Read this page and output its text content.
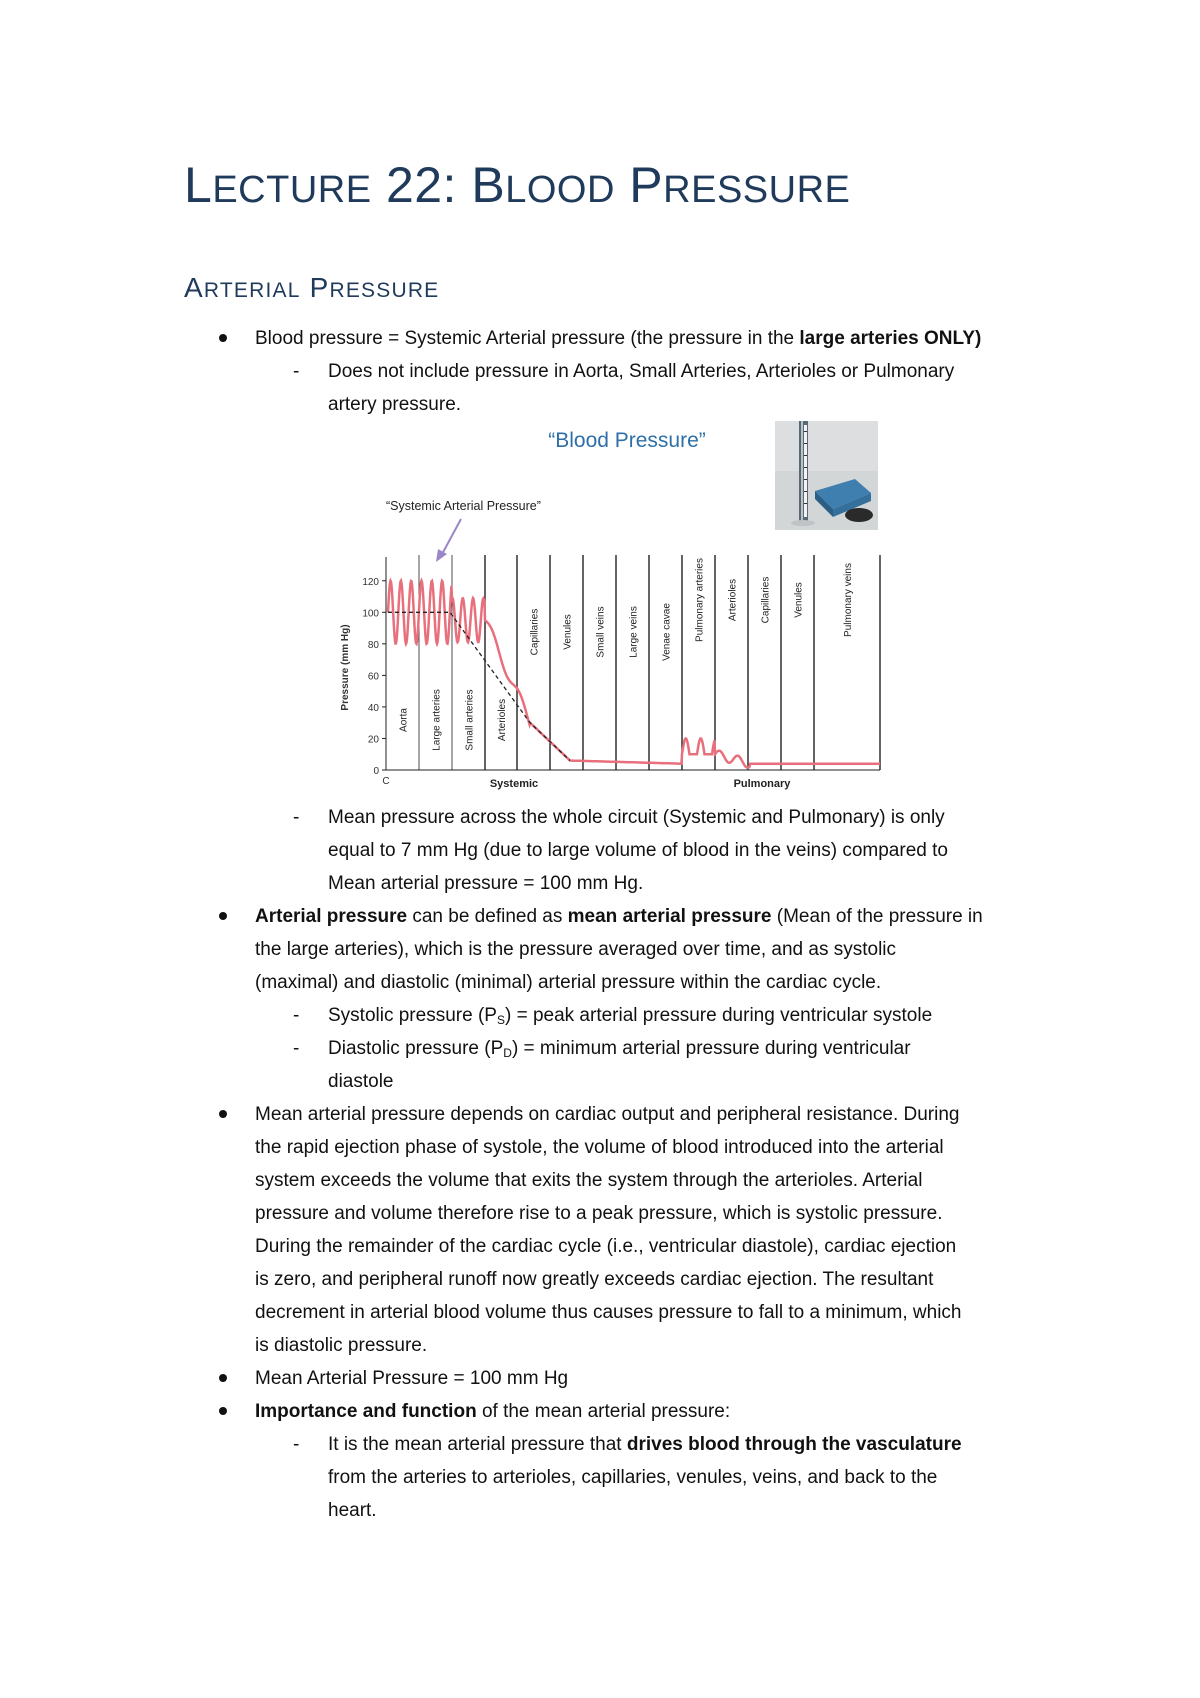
LECTURE 22: BLOOD PRESSURE
ARTERIAL PRESSURE
Blood pressure = Systemic Arterial pressure (the pressure in the large arteries ONLY)
- Does not include pressure in Aorta, Small Arteries, Arterioles or Pulmonary
artery pressure.
“Blood Pressure”
“Systemic Arterial Pressure”
120
100
80
60
40
20
0
Pressure (mm Hg)
C
Aorta Large arteries Small arteries Arterioles
Capillaries Venules Small veins Large veins Venae cavae Pulmonary arteries Arterioles Capillaries Venules	Pulmonary veins
Systemic	Pulmonary
- Mean pressure across the whole circuit (Systemic and Pulmonary) is only
equal to 7 mm Hg (due to large volume of blood in the veins) compared to
Mean arterial pressure = 100 mm Hg.
Arterial pressure can be defined as mean arterial pressure (Mean of the pressure in
the large arteries), which is the pressure averaged over time, and as systolic
(maximal) and diastolic (minimal) arterial pressure within the cardiac cycle.
- Systolic pressure $(P_S)$ = peak arterial pressure during ventricular systole
- Diastolic pressure $(P_D)$ = minimum arterial pressure during ventricular
diastole
Mean arterial pressure depends on cardiac output and peripheral resistance. During
the rapid ejection phase of systole, the volume of blood introduced into the arterial
system exceeds the volume that exits the system through the arterioles. Arterial
pressure and volume therefore rise to a peak pressure, which is systolic pressure.
During the remainder of the cardiac cycle (i.e., ventricular diastole), cardiac ejection
is zero, and peripheral runoff now greatly exceeds cardiac ejection. The resultant
decrement in arterial blood volume thus causes pressure to fall to a minimum, which
is diastolic pressure.
Mean Arterial Pressure = 100 mm Hg
Importance and function of the mean arterial pressure:
- It is the mean arterial pressure that drives blood through the vasculature
from the arteries to arterioles, capillaries, venules, veins, and back to the
heart.
